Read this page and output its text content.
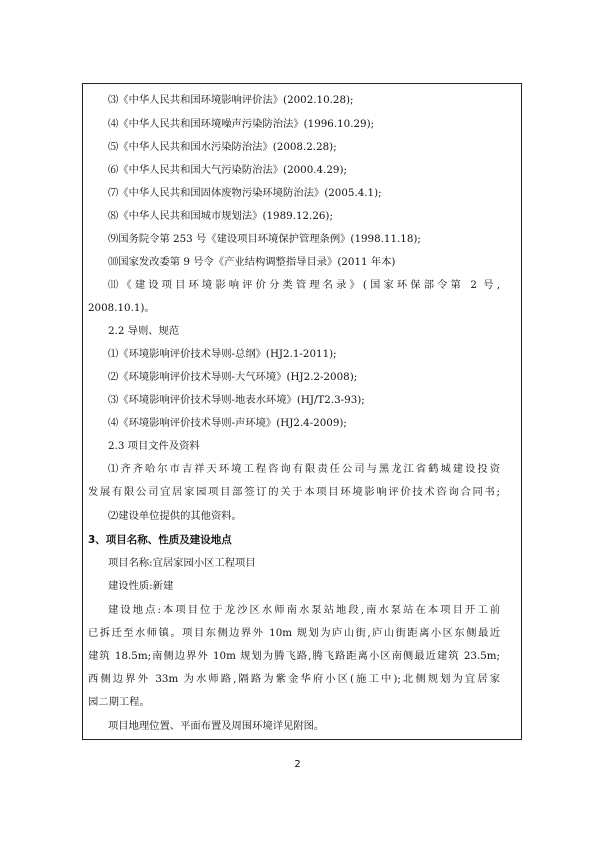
⑶《中华人民共和国环境影响评价法》(2002.10.28);
⑷《中华人民共和国环境噪声污染防治法》(1996.10.29);
⑸《中华人民共和国水污染防治法》(2008.2.28);
⑹《中华人民共和国大气污染防治法》(2000.4.29);
⑺《中华人民共和国固体废物污染环境防治法》(2005.4.1);
⑻《中华人民共和国城市规划法》(1989.12.26);
⑼国务院令第 253 号《建设项目环境保护管理条例》(1998.11.18);
⑽国家发改委第 9 号令《产业结构调整指导目录》(2011 年本)
⑾《建设项目环境影响评价分类管理名录》(国家环保部令第 2 号,
2008.10.1)。
2.2 导则、规范
⑴《环境影响评价技术导则-总纲》(HJ2.1-2011);
⑵《环境影响评价技术导则-大气环境》(HJ2.2-2008);
⑶《环境影响评价技术导则-地表水环境》(HJ/T2.3-93);
⑷《环境影响评价技术导则-声环境》(HJ2.4-2009);
2.3 项目文件及资料
⑴齐齐哈尔市吉祥天环境工程咨询有限责任公司与黑龙江省鹤城建设投资
发展有限公司宜居家园项目部签订的关于本项目环境影响评价技术咨询合同书;
⑵建设单位提供的其他资料。
3、项目名称、性质及建设地点
项目名称:宜居家园小区工程项目
建设性质:新建
建设地点:本项目位于龙沙区水师南水泵站地段,南水泵站在本项目开工前
已拆迁至水师镇。项目东侧边界外 10m 规划为庐山街,庐山街距离小区东侧最近
建筑 18.5m;南侧边界外 10m 规划为腾飞路,腾飞路距离小区南侧最近建筑 23.5m;
西侧边界外 33m 为水师路,隔路为紫金华府小区(施工中);北侧规划为宜居家
园二期工程。
项目地理位置、平面布置及周围环境详见附图。
2
